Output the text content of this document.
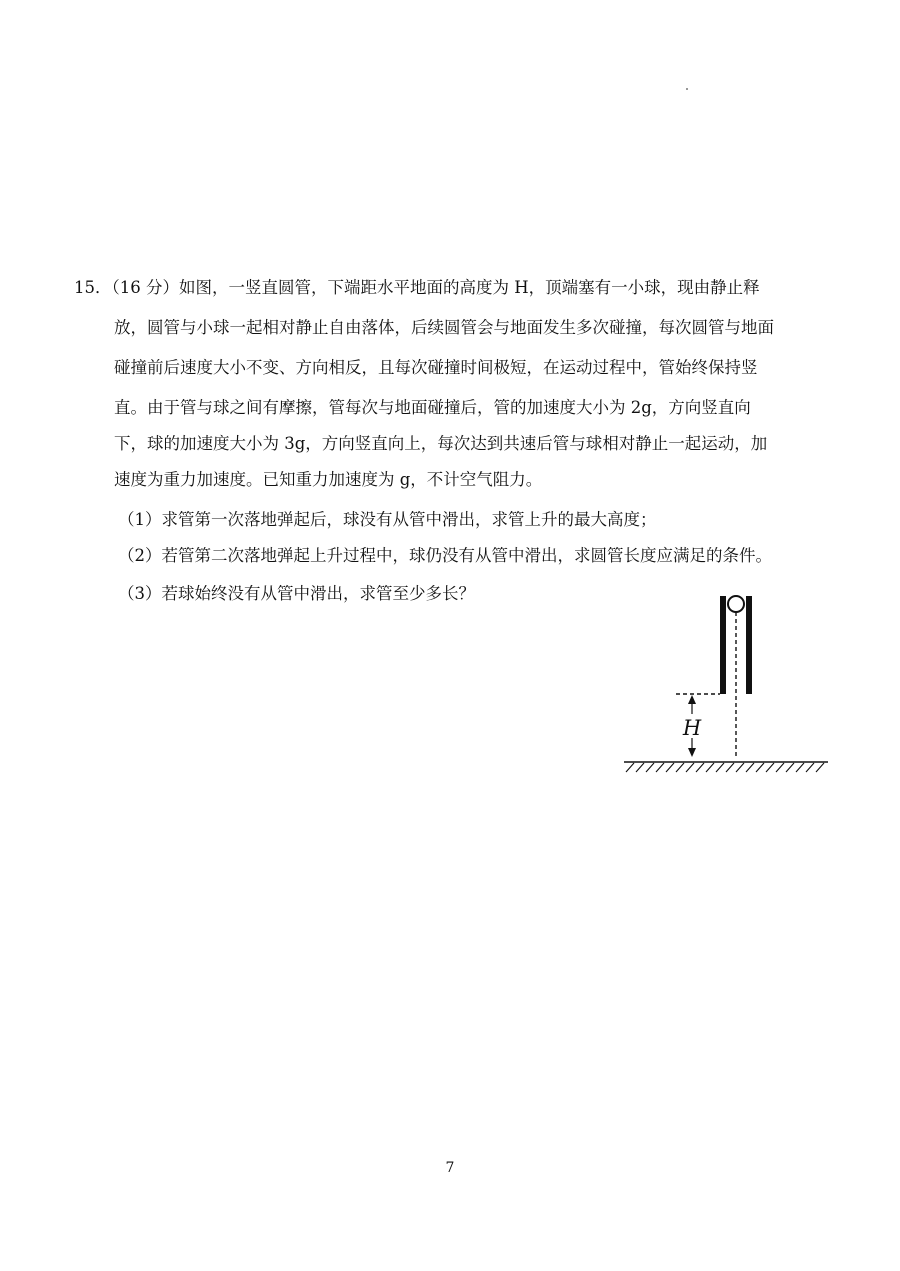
15．（16 分）如图，一竖直圆管，下端距水平地面的高度为 H，顶端塞有一小球，现由静止释
放，圆管与小球一起相对静止自由落体，后续圆管会与地面发生多次碰撞，每次圆管与地面
碰撞前后速度大小不变、方向相反，且每次碰撞时间极短，在运动过程中，管始终保持竖
直。由于管与球之间有摩擦，管每次与地面碰撞后，管的加速度大小为 2g，方向竖直向
下，球的加速度大小为 3g，方向竖直向上，每次达到共速后管与球相对静止一起运动，加
速度为重力加速度。已知重力加速度为 g，不计空气阻力。
（1）求管第一次落地弹起后，球没有从管中滑出，求管上升的最大高度；
（2）若管第二次落地弹起上升过程中，球仍没有从管中滑出，求圆管长度应满足的条件。
（3）若球始终没有从管中滑出，求管至少多长？
H
7
